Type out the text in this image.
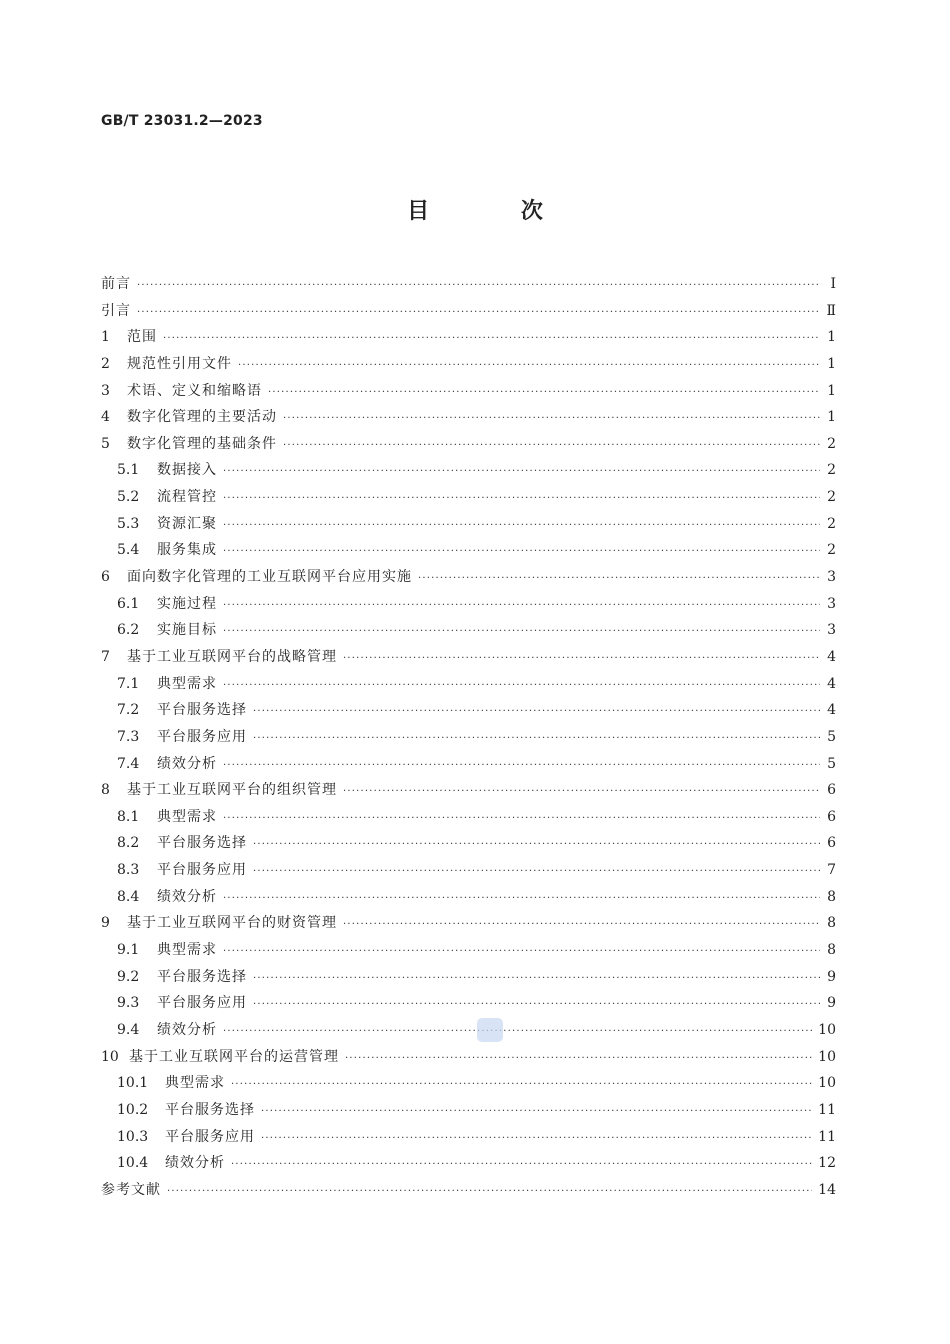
GB/T 23031.2—2023
目 次
前言 ·····	Ⅰ
引言 ·····	Ⅱ
1	范围 ·····	1
2	规范性引用文件 ·····	1
3	术语、定义和缩略语 ·····	1
4	数字化管理的主要活动 ·····	1
5	数字化管理的基础条件 ·····	2
5.1	数据接入 ·····	2
5.2	流程管控 ·····	2
5.3	资源汇聚 ·····	2
5.4	服务集成 ·····	2
6	面向数字化管理的工业互联网平台应用实施 ·····	3
6.1	实施过程 ·····	3
6.2	实施目标 ·····	3
7	基于工业互联网平台的战略管理 ·····	4
7.1	典型需求 ·····	4
7.2	平台服务选择 ·····	4
7.3	平台服务应用 ·····	5
7.4	绩效分析 ·····	5
8	基于工业互联网平台的组织管理 ·····	6
8.1	典型需求 ·····	6
8.2	平台服务选择 ·····	6
8.3	平台服务应用 ·····	7
8.4	绩效分析 ·····	8
9	基于工业互联网平台的财资管理 ·····	8
9.1	典型需求 ·····	8
9.2	平台服务选择 ·····	9
9.3	平台服务应用 ·····	9
9.4	绩效分析 ·····	10
10 基于工业互联网平台的运营管理 ·····	10
10.1	典型需求 ·····	10
10.2	平台服务选择 ·····	11
10.3	平台服务应用 ·····	11
10.4	绩效分析 ·····	12
参考文献 ·····	14
